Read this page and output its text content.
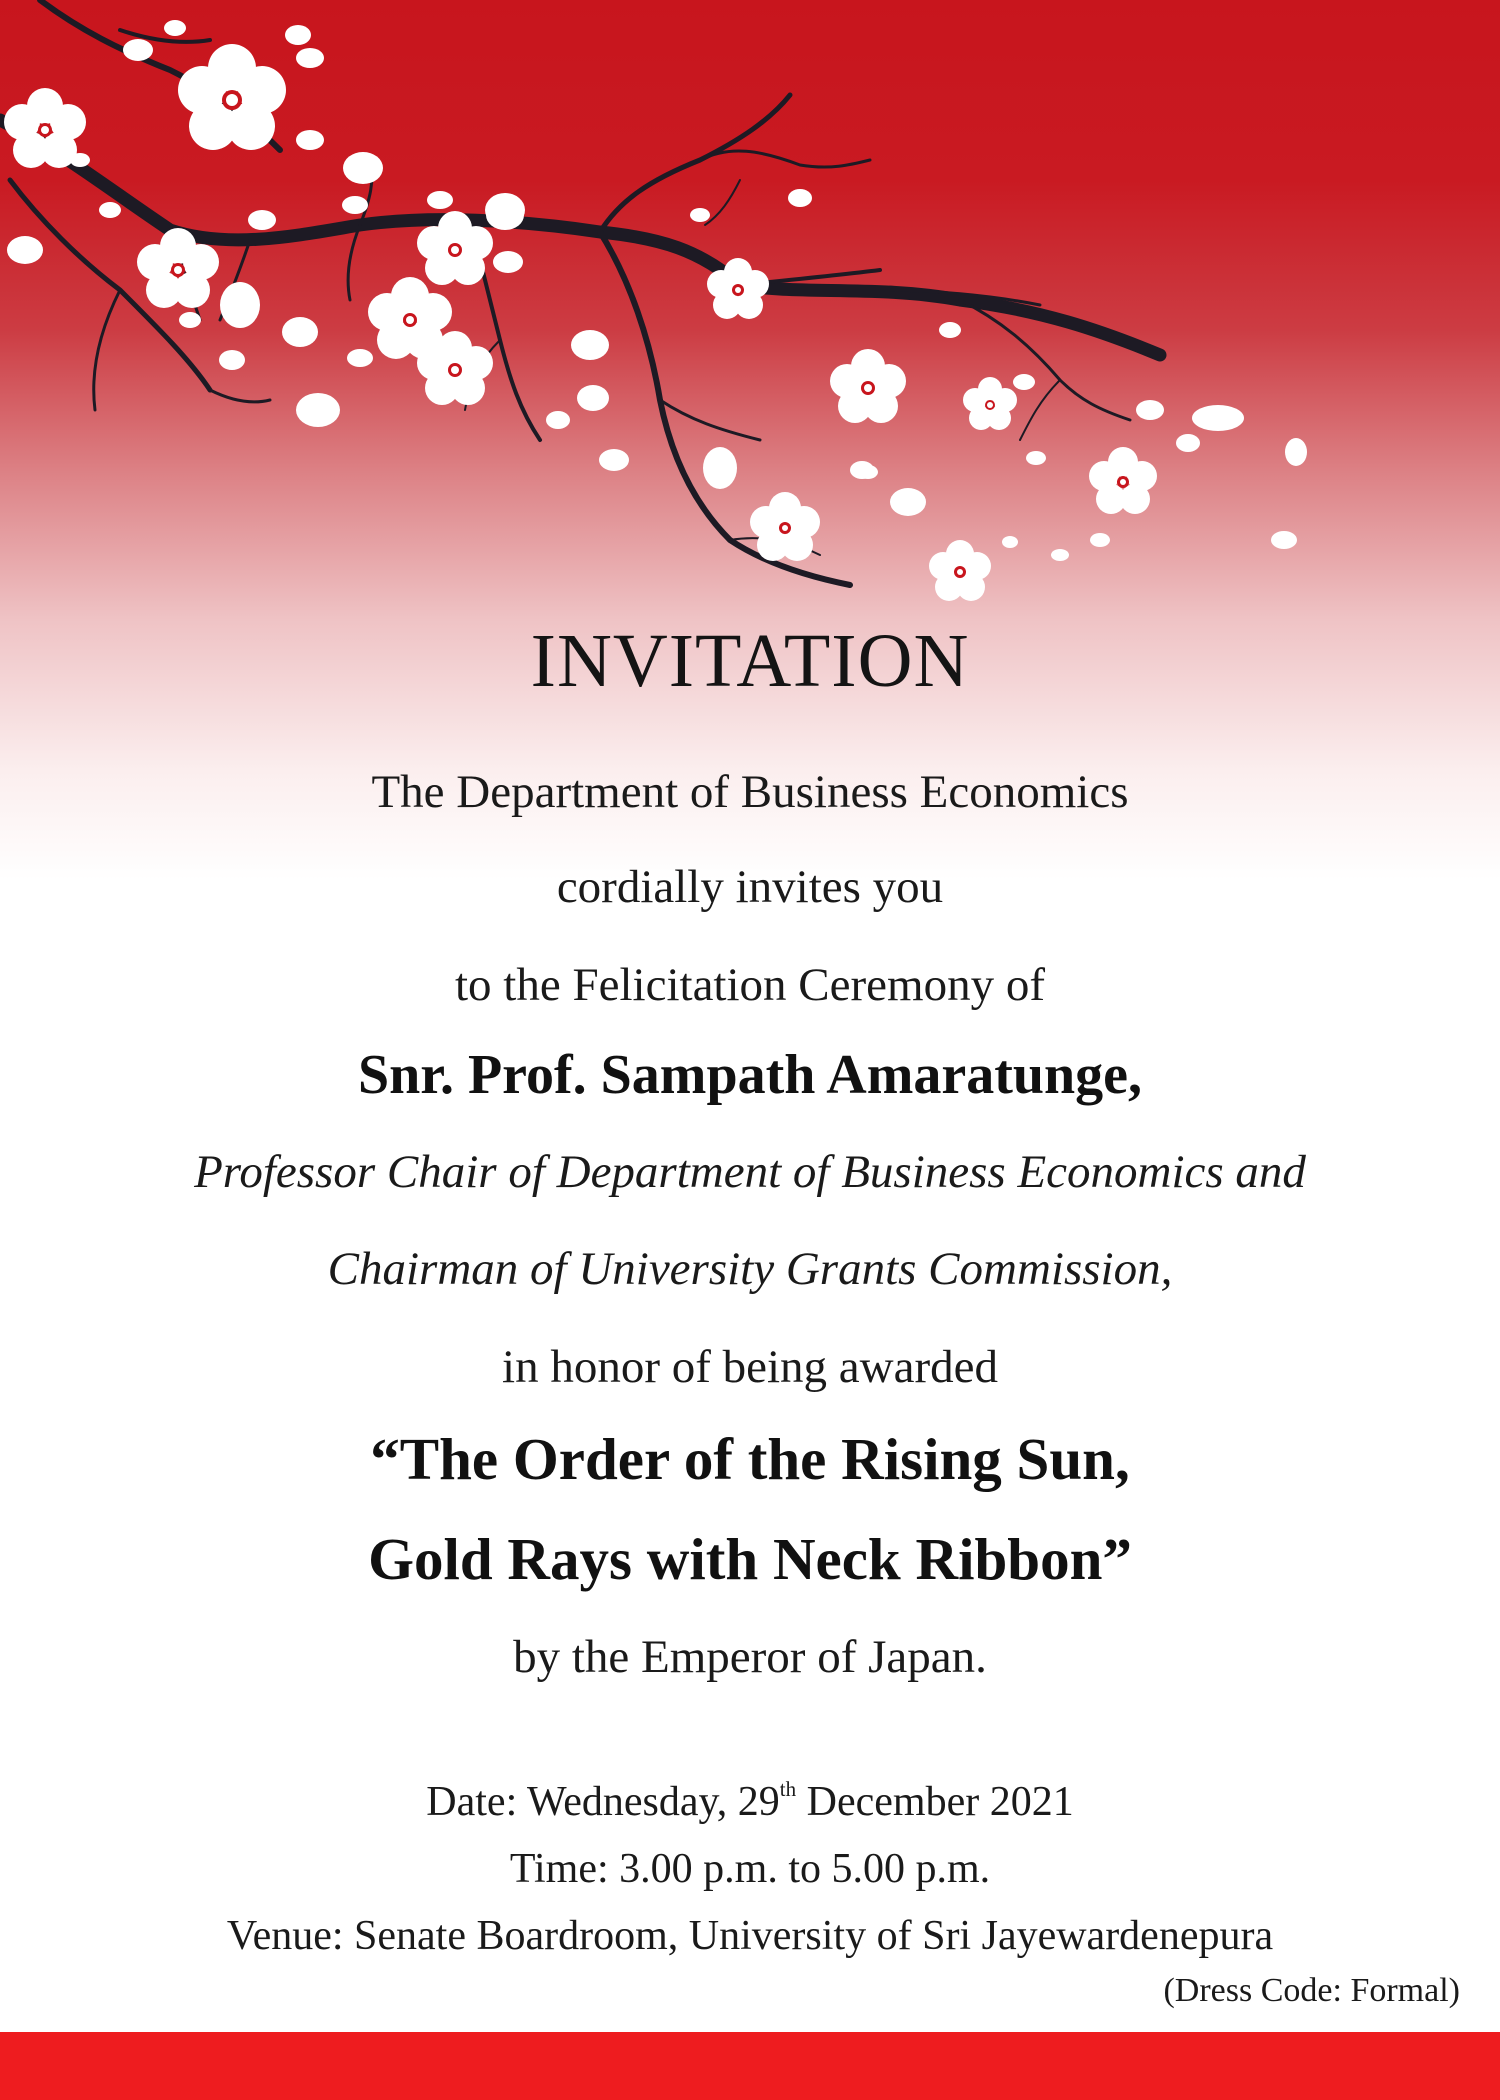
INVITATION

The Department of Business Economics

cordially invites you

to the Felicitation Ceremony of

Snr. Prof. Sampath Amaratunge,

Professor Chair of Department of Business Economics and

Chairman of University Grants Commission,

in honor of being awarded

“The Order of the Rising Sun,

Gold Rays with Neck Ribbon”

by the Emperor of Japan.

Date: Wednesday, 29th December 2021

Time: 3.00 p.m. to 5.00 p.m.

Venue: Senate Boardroom, University of Sri Jayewardenepura

(Dress Code: Formal)
